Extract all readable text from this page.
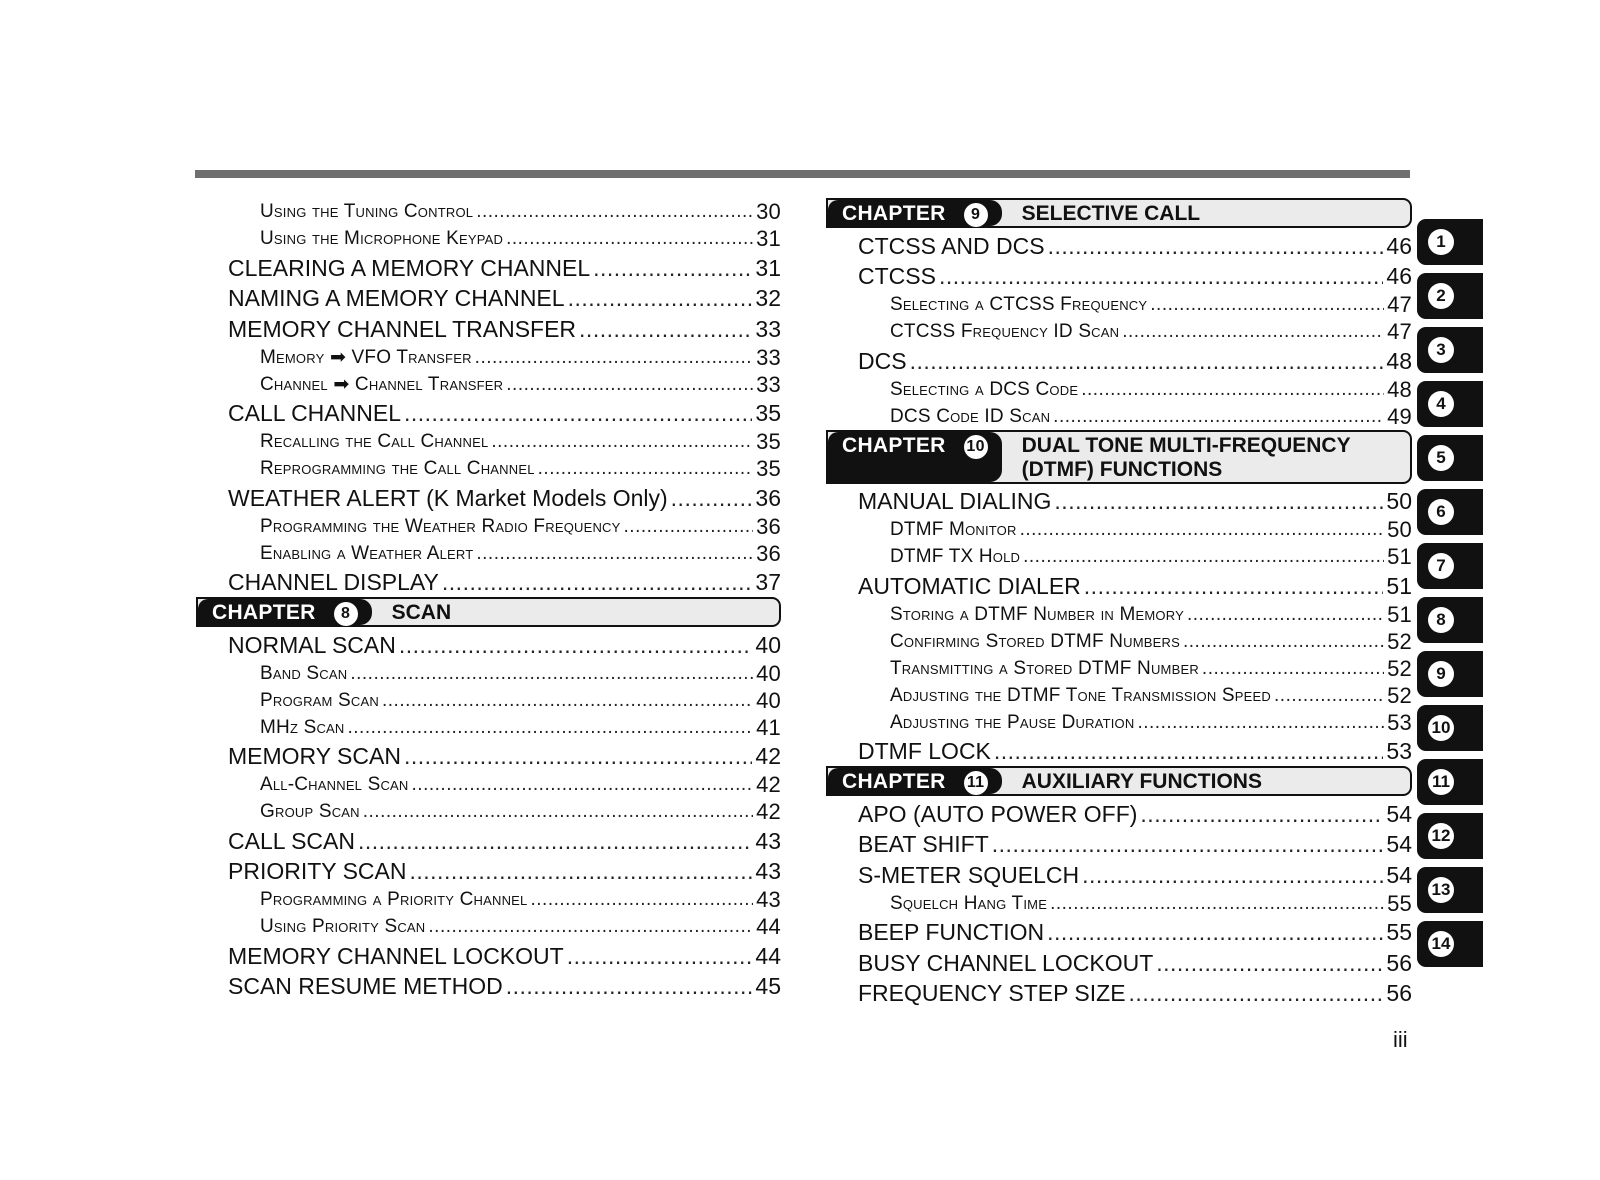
Using the Tuning Control .....	30
Using the Microphone Keypad .....	31
CLEARING A MEMORY CHANNEL .....	31
NAMING A MEMORY CHANNEL .....	32
MEMORY CHANNEL TRANSFER .....	33
Memory ➡ VFO Transfer .....	33
Channel ➡ Channel Transfer .....	33
CALL CHANNEL .....	35
Recalling the Call Channel .....	35
Reprogramming the Call Channel .....	35
WEATHER ALERT (K Market Models Only) .....	36
Programming the Weather Radio Frequency .....	36
Enabling a Weather Alert .....	36
CHANNEL DISPLAY .....	37
CHAPTER	8	SCAN
NORMAL SCAN .....	40
Band Scan .....	40
Program Scan .....	40
MHz Scan .....	41
MEMORY SCAN .....	42
All-Channel Scan .....	42
Group Scan .....	42
CALL SCAN .....	43
PRIORITY SCAN .....	43
Programming a Priority Channel .....	43
Using Priority Scan .....	44
MEMORY CHANNEL LOCKOUT .....	44
SCAN RESUME METHOD .....	45
CHAPTER	9	SELECTIVE CALL
CTCSS AND DCS .....	46
CTCSS .....	46
Selecting a CTCSS Frequency .....	47
CTCSS Frequency ID Scan .....	47
DCS .....	48
Selecting a DCS Code .....	48
DCS Code ID Scan .....	49
CHAPTER 10 DUAL TONE MULTI-FREQUENCY
(DTMF) FUNCTIONS
MANUAL DIALING .....	50
DTMF Monitor .....	50
DTMF TX Hold .....	51
AUTOMATIC DIALER .....	51
Storing a DTMF Number in Memory .....	51
Confirming Stored DTMF Numbers .....	52
Transmitting a Stored DTMF Number .....	52
Adjusting the DTMF Tone Transmission Speed .....	52
Adjusting the Pause Duration .....	53
DTMF LOCK .....	53
CHAPTER 11 AUXILIARY FUNCTIONS
APO (AUTO POWER OFF) .....	54
BEAT SHIFT .....	54
S-METER SQUELCH .....	54
Squelch Hang Time .....	55
BEEP FUNCTION .....	55
BUSY CHANNEL LOCKOUT .....	56
FREQUENCY STEP SIZE .....	56
1
2
3
4
5
6
7
8
9
10
11
12
13
14
iii
